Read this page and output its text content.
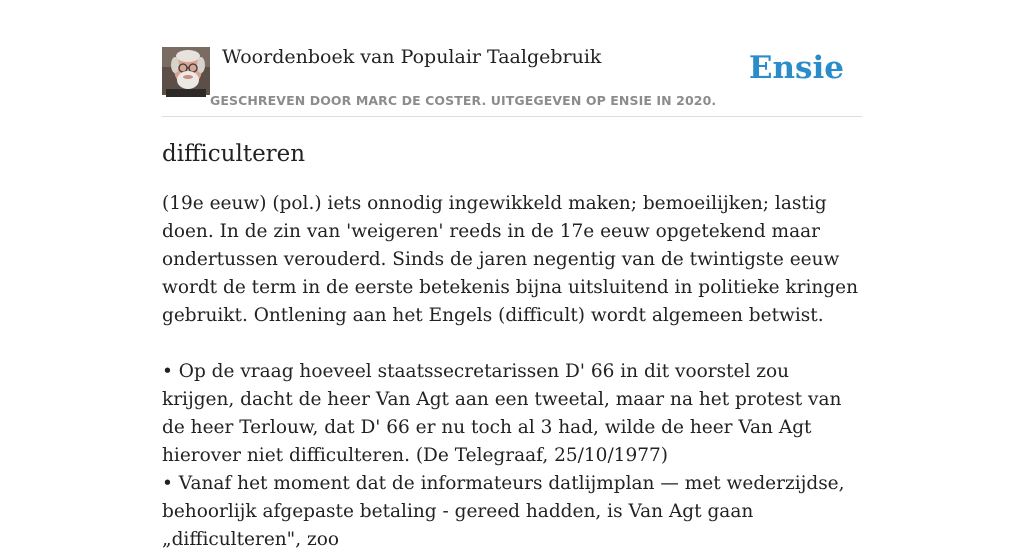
Woordenboek van Populair Taalgebruik
GESCHREVEN DOOR MARC DE COSTER. UITGEGEVEN OP ENSIE IN 2020.
Ensie
difficulteren

(19e eeuw) (pol.) iets onnodig ingewikkeld maken; bemoeilijken; lastig doen. In de zin van 'weigeren' reeds in de 17e eeuw opgetekend maar ondertussen verouderd. Sinds de jaren negentig van de twintigste eeuw wordt de term in de eerste betekenis bijna uitsluitend in politieke kringen gebruikt. Ontlening aan het Engels (difficult) wordt algemeen betwist.

• Op de vraag hoeveel staatssecretarissen D' 66 in dit voorstel zou krijgen, dacht de heer Van Agt aan een tweetal, maar na het protest van de heer Terlouw, dat D' 66 er nu toch al 3 had, wilde de heer Van Agt hierover niet difficulteren. (De Telegraaf, 25/10/1977)

• Vanaf het moment dat de informateurs datlijmplan — met wederzijdse, behoorlijk afgepaste betaling - gereed hadden, is Van Agt gaan „difficulteren", zoo
